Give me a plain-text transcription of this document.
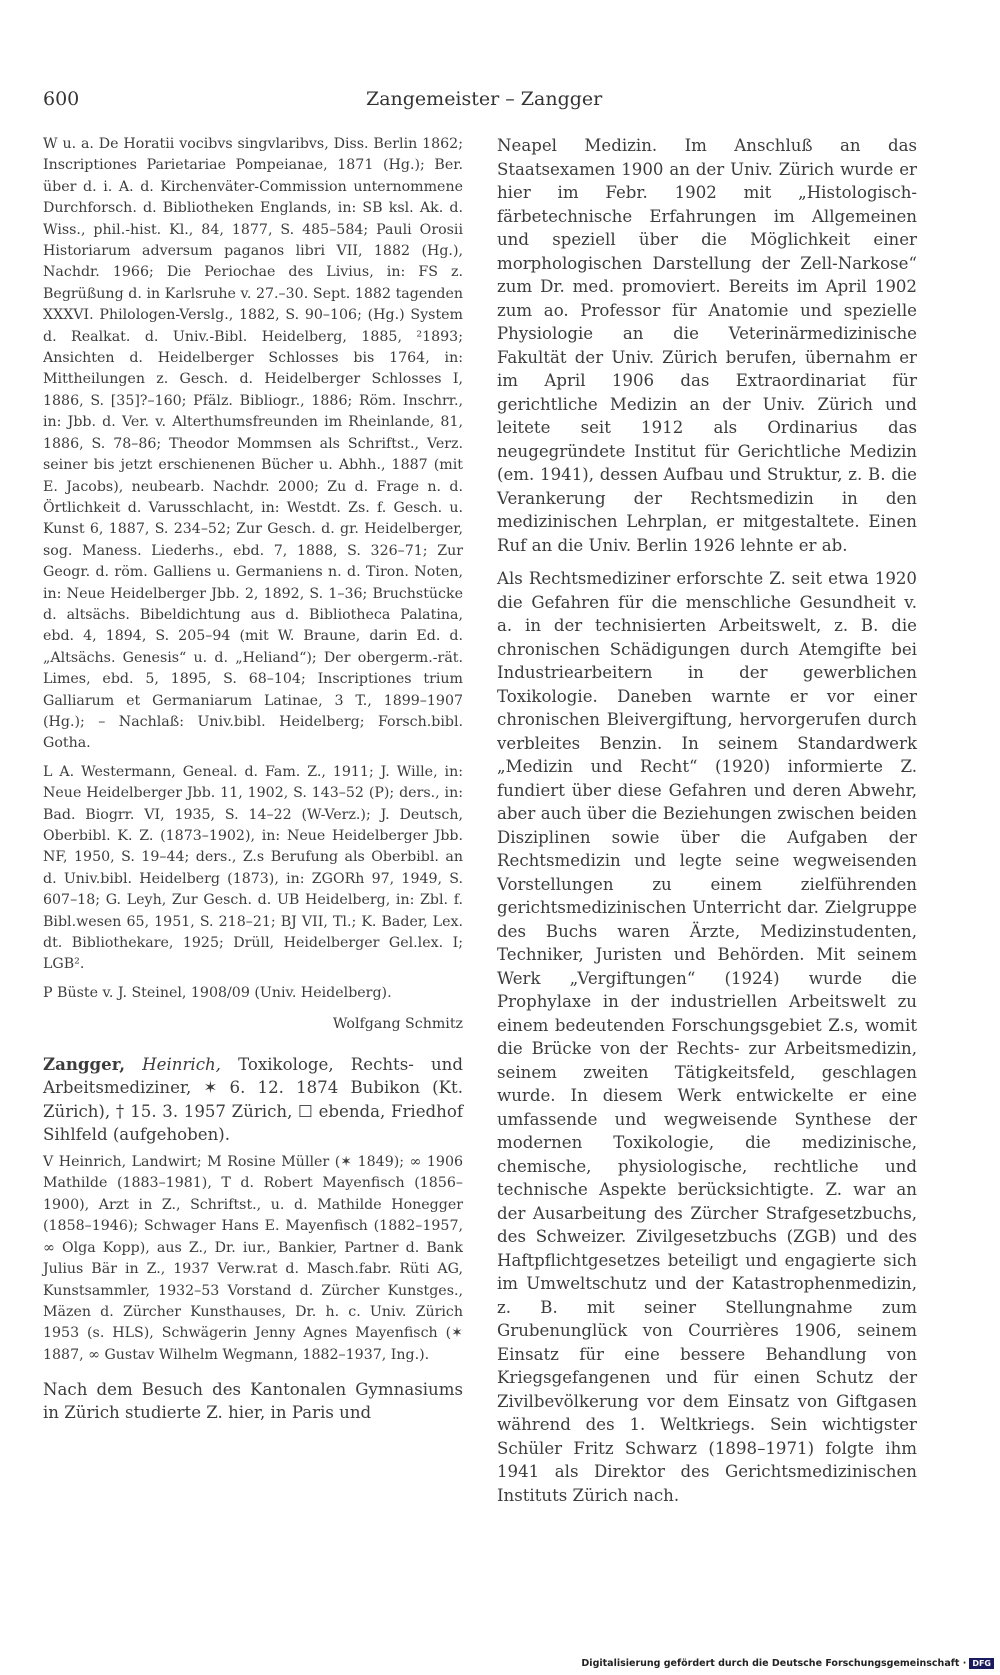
600	Zangemeister – Zangger

W u. a. De Horatii vocibvs singvlaribvs, Diss. Berlin 1862; Inscriptiones Parietariae Pompeianae, 1871 (Hg.); Ber. über d. i. A. d. Kirchenväter-Commission unternommene Durchforsch. d. Bibliotheken Englands, in: SB ksl. Ak. d. Wiss., phil.-hist. Kl., 84, 1877, S. 485–584; Pauli Orosii Historiarum adversum paganos libri VII, 1882 (Hg.), Nachdr. 1966; Die Periochae des Livius, in: FS z. Begrüßung d. in Karlsruhe v. 27.–30. Sept. 1882 tagenden XXXVI. Philologen-Verslg., 1882, S. 90–106; (Hg.) System d. Realkat. d. Univ.-Bibl. Heidelberg, 1885, ²1893; Ansichten d. Heidelberger Schlosses bis 1764, in: Mittheilungen z. Gesch. d. Heidelberger Schlosses I, 1886, S. [35]?–160; Pfälz. Bibliogr., 1886; Röm. Inschrr., in: Jbb. d. Ver. v. Alterthumsfreunden im Rheinlande, 81, 1886, S. 78–86; Theodor Mommsen als Schriftst., Verz. seiner bis jetzt erschienenen Bücher u. Abhh., 1887 (mit E. Jacobs), neubearb. Nachdr. 2000; Zu d. Frage n. d. Örtlichkeit d. Varusschlacht, in: Westdt. Zs. f. Gesch. u. Kunst 6, 1887, S. 234–52; Zur Gesch. d. gr. Heidelberger, sog. Maness. Liederhs., ebd. 7, 1888, S. 326–71; Zur Geogr. d. röm. Galliens u. Germaniens n. d. Tiron. Noten, in: Neue Heidelberger Jbb. 2, 1892, S. 1–36; Bruchstücke d. altsächs. Bibeldichtung aus d. Bibliotheca Palatina, ebd. 4, 1894, S. 205–94 (mit W. Braune, darin Ed. d. „Altsächs. Genesis“ u. d. „Heliand“); Der obergerm.-rät. Limes, ebd. 5, 1895, S. 68–104; Inscriptiones trium Galliarum et Germaniarum Latinae, 3 T., 1899–1907 (Hg.); – Nachlaß: Univ.bibl. Heidelberg; Forsch.bibl. Gotha.

L A. Westermann, Geneal. d. Fam. Z., 1911; J. Wille, in: Neue Heidelberger Jbb. 11, 1902, S. 143–52 (P); ders., in: Bad. Biogrr. VI, 1935, S. 14–22 (W-Verz.); J. Deutsch, Oberbibl. K. Z. (1873–1902), in: Neue Heidelberger Jbb. NF, 1950, S. 19–44; ders., Z.s Berufung als Oberbibl. an d. Univ.bibl. Heidelberg (1873), in: ZGORh 97, 1949, S. 607–18; G. Leyh, Zur Gesch. d. UB Heidelberg, in: Zbl. f. Bibl.wesen 65, 1951, S. 218–21; BJ VII, Tl.; K. Bader, Lex. dt. Bibliothekare, 1925; Drüll, Heidelberger Gel.lex. I; LGB².

P Büste v. J. Steinel, 1908/09 (Univ. Heidelberg).

Wolfgang Schmitz

Zangger, Heinrich, Toxikologe, Rechts- und Arbeitsmediziner, ✶ 6. 12. 1874 Bubikon (Kt. Zürich), † 15. 3. 1957 Zürich, ☐ ebenda, Friedhof Sihlfeld (aufgehoben).

V Heinrich, Landwirt; M Rosine Müller (✶ 1849); ∞ 1906 Mathilde (1883–1981), T d. Robert Mayenfisch (1856–1900), Arzt in Z., Schriftst., u. d. Mathilde Honegger (1858–1946); Schwager Hans E. Mayenfisch (1882–1957, ∞ Olga Kopp), aus Z., Dr. iur., Bankier, Partner d. Bank Julius Bär in Z., 1937 Verw.rat d. Masch.fabr. Rüti AG, Kunstsammler, 1932–53 Vorstand d. Zürcher Kunstges., Mäzen d. Zürcher Kunsthauses, Dr. h. c. Univ. Zürich 1953 (s. HLS), Schwägerin Jenny Agnes Mayenfisch (✶ 1887, ∞ Gustav Wilhelm Wegmann, 1882–1937, Ing.).

Nach dem Besuch des Kantonalen Gymnasiums in Zürich studierte Z. hier, in Paris und

Neapel Medizin. Im Anschluß an das Staatsexamen 1900 an der Univ. Zürich wurde er hier im Febr. 1902 mit „Histologisch-färbetechnische Erfahrungen im Allgemeinen und speziell über die Möglichkeit einer morphologischen Darstellung der Zell-Narkose“ zum Dr. med. promoviert. Bereits im April 1902 zum ao. Professor für Anatomie und spezielle Physiologie an die Veterinärmedizinische Fakultät der Univ. Zürich berufen, übernahm er im April 1906 das Extraordinariat für gerichtliche Medizin an der Univ. Zürich und leitete seit 1912 als Ordinarius das neugegründete Institut für Gerichtliche Medizin (em. 1941), dessen Aufbau und Struktur, z. B. die Verankerung der Rechtsmedizin in den medizinischen Lehrplan, er mitgestaltete. Einen Ruf an die Univ. Berlin 1926 lehnte er ab.

Als Rechtsmediziner erforschte Z. seit etwa 1920 die Gefahren für die menschliche Gesundheit v. a. in der technisierten Arbeitswelt, z. B. die chronischen Schädigungen durch Atemgifte bei Industriearbeitern in der gewerblichen Toxikologie. Daneben warnte er vor einer chronischen Bleivergiftung, hervorgerufen durch verbleites Benzin. In seinem Standardwerk „Medizin und Recht“ (1920) informierte Z. fundiert über diese Gefahren und deren Abwehr, aber auch über die Beziehungen zwischen beiden Disziplinen sowie über die Aufgaben der Rechtsmedizin und legte seine wegweisenden Vorstellungen zu einem zielführenden gerichtsmedizinischen Unterricht dar. Zielgruppe des Buchs waren Ärzte, Medizinstudenten, Techniker, Juristen und Behörden. Mit seinem Werk „Vergiftungen“ (1924) wurde die Prophylaxe in der industriellen Arbeitswelt zu einem bedeutenden Forschungsgebiet Z.s, womit die Brücke von der Rechts- zur Arbeitsmedizin, seinem zweiten Tätigkeitsfeld, geschlagen wurde. In diesem Werk entwickelte er eine umfassende und wegweisende Synthese der modernen Toxikologie, die medizinische, chemische, physiologische, rechtliche und technische Aspekte berücksichtigte. Z. war an der Ausarbeitung des Zürcher Strafgesetzbuchs, des Schweizer. Zivilgesetzbuchs (ZGB) und des Haftpflichtgesetzes beteiligt und engagierte sich im Umweltschutz und der Katastrophenmedizin, z. B. mit seiner Stellungnahme zum Grubenunglück von Courrières 1906, seinem Einsatz für eine bessere Behandlung von Kriegsgefangenen und für einen Schutz der Zivilbevölkerung vor dem Einsatz von Giftgasen während des 1. Weltkriegs. Sein wichtigster Schüler Fritz Schwarz (1898–1971) folgte ihm 1941 als Direktor des Gerichtsmedizinischen Instituts Zürich nach.

Digitalisierung gefördert durch die Deutsche Forschungsgemeinschaft · DFG
